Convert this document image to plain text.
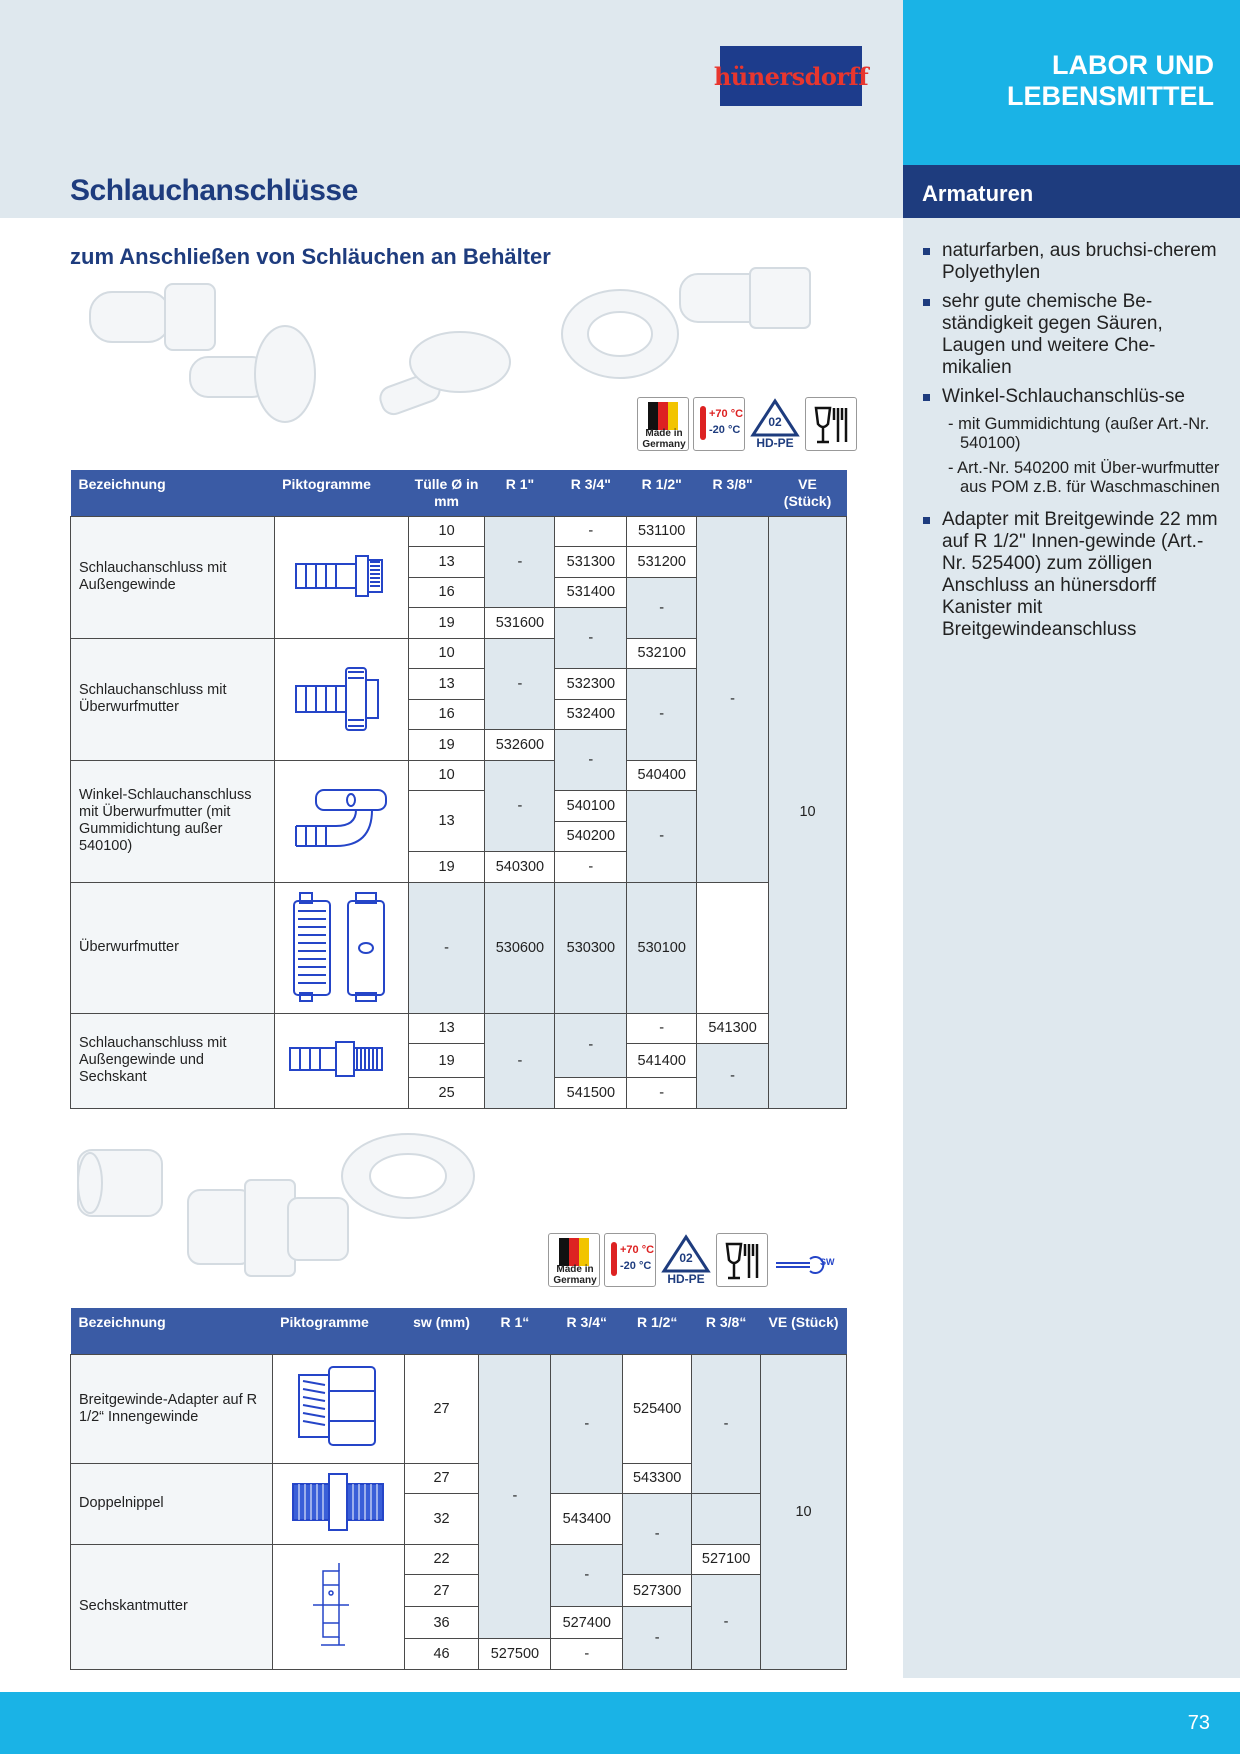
hünersdorff	LABOR UND
LEBENSMITTEL
Armaturen
naturfarben, aus bruchsi-cherem Polyethylen
sehr gute chemische Be-ständigkeit gegen Säuren, Laugen und weitere Che-mikalien
Winkel-Schlauchanschlüs-se
- mit Gummidichtung (außer Art.-Nr. 540100)
- Art.-Nr. 540200 mit Über-wurfmutter aus POM z.B. für Waschmaschinen
Adapter mit Breitgewinde 22 mm auf R 1/2" Innen-gewinde (Art.-Nr. 525400) zum zölligen Anschluss an hünersdorff Kanister mit Breitgewindeanschluss
Schlauchanschlüsse
zum Anschließen von Schläuchen an Behälter
Made in Germany
+70 °C
-20 °C
02
HD-PE
Bezeichnung	Piktogramme	Tülle Ø in mm	R 1"	R 3/4"	R 1/2"	R 3/8"	VE (Stück)
Schlauchanschluss mit Außengewinde		10	-	-	531100	-	10
		13		531300	531200		
		16		531400	-		
		19	531600	-			
Schlauchanschluss mit Überwurfmutter		10	-		532100		
		13		532300	-		
		16		532400			
		19	532600	-			
Winkel-Schlauchanschluss mit Überwurfmutter (mit Gummidichtung außer 540100)		10	-		540400		
		13		540100	-		
				540200			
		19	540300	-			
Überwurfmutter		-	530600	530300	530100		
Schlauchanschluss mit Außengewinde und Sechskant		13	-	-	-	541300	
		19			541400	-	
		25		541500	-		
Made in Germany
+70 °C
-20 °C
02
HD-PE
SW
Bezeichnung	Piktogramme	sw (mm)	R 1“	R 3/4“	R 1/2“	R 3/8“	VE (Stück)
Breitgewinde-Adapter auf R 1/2“ Innengewinde		27	-	-	525400	-	10
Doppelnippel		27			543300		
		32		543400	-		
Sechskantmutter		22		-		527100	
		27			527300	-	
		36		527400	-		
		46	527500	-			
73
